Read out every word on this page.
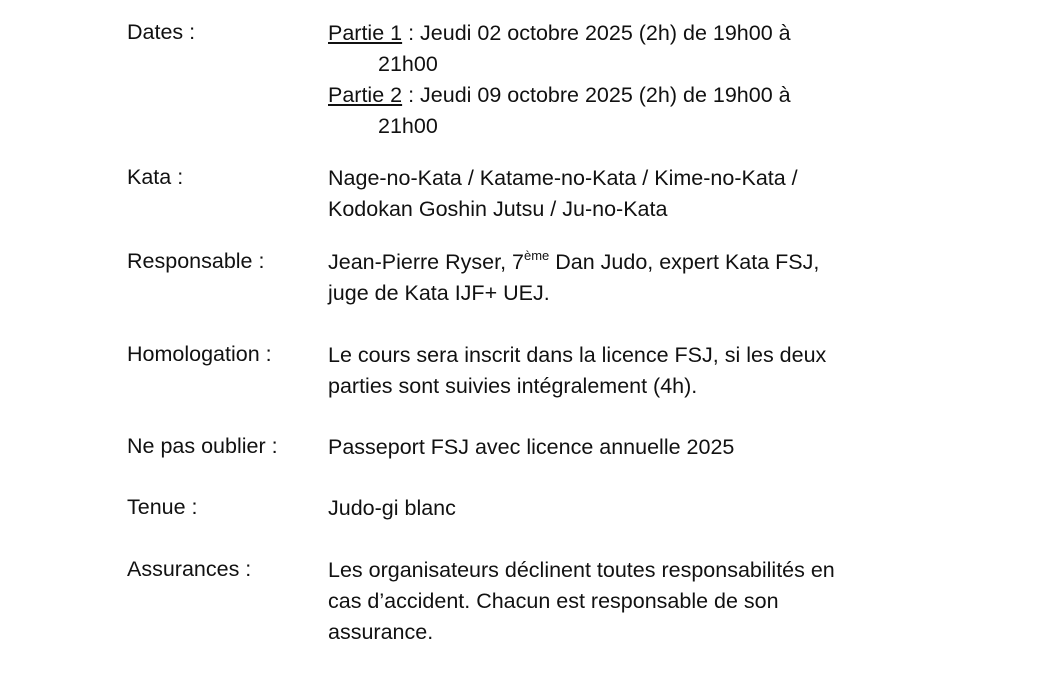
Dates :	Partie 1 : Jeudi 02 octobre 2025 (2h) de 19h00 à
21h00
Partie 2 : Jeudi 09 octobre 2025 (2h) de 19h00 à
21h00
Kata :	Nage-no-Kata / Katame-no-Kata / Kime-no-Kata /
Kodokan Goshin Jutsu / Ju-no-Kata
Responsable :	Jean-Pierre Ryser, 7ème Dan Judo, expert Kata FSJ,
juge de Kata IJF+ UEJ.
Homologation :	Le cours sera inscrit dans la licence FSJ, si les deux
parties sont suivies intégralement (4h).
Ne pas oublier : Passeport FSJ avec licence annuelle 2025
Tenue :	Judo-gi blanc
Assurances :	Les organisateurs déclinent toutes responsabilités en
cas d’accident. Chacun est responsable de son
assurance.
